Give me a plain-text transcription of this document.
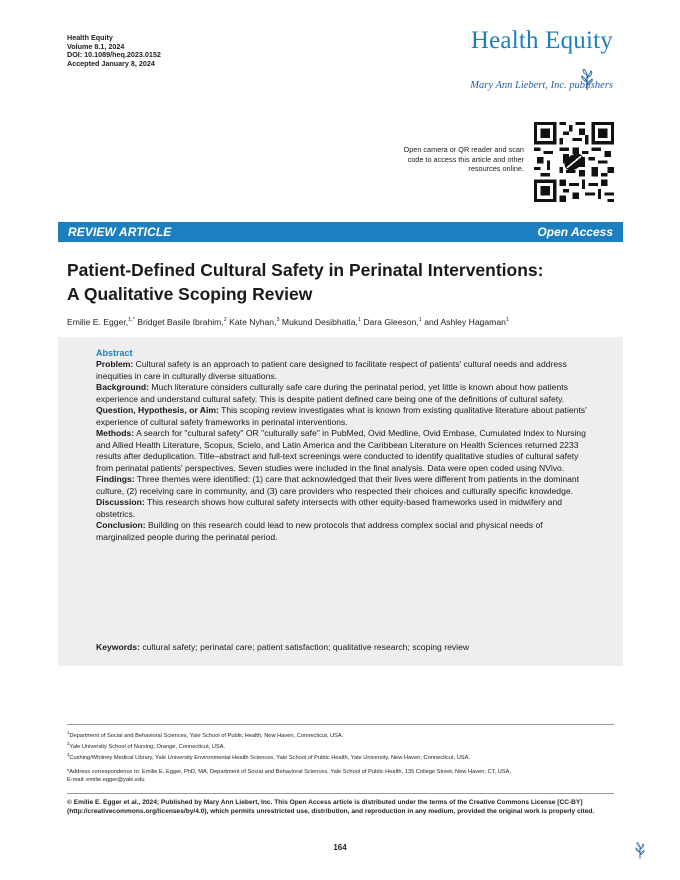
Health Equity
Volume 8.1, 2024
DOI: 10.1089/heq.2023.0152
Accepted January 8, 2024
Health Equity
Mary Ann Liebert, Inc. publishers
Open camera or QR reader and scan code to access this article and other resources online.
REVIEW ARTICLE	Open Access
Patient-Defined Cultural Safety in Perinatal Interventions:
A Qualitative Scoping Review
Emilie E. Egger,$^{1,*}$ Bridget Basile Ibrahim,$^2$ Kate Nyhan,$^3$ Mukund Desibhatla,$^1$ Dara Gleeson,$^1$ and Ashley Hagaman$^1$
Abstract

Problem: Cultural safety is an approach to patient care designed to facilitate respect of patients' cultural needs and address inequities in care in culturally diverse situations.

Background: Much literature considers culturally safe care during the perinatal period, yet little is known about how patients experience and understand cultural safety. This is despite patient defined care being one of the definitions of cultural safety.

Question, Hypothesis, or Aim: This scoping review investigates what is known from existing qualitative literature about patients' experience of cultural safety frameworks in perinatal interventions.

Methods: A search for "cultural safety" OR "culturally safe" in PubMed, Ovid Medline, Ovid Embase, Cumulated Index to Nursing and Allied Health Literature, Scopus, Scielo, and Latin America and the Caribbean Literature on Health Sciences returned 2233 results after deduplication. Title–abstract and full-text screenings were conducted to identify qualitative studies of cultural safety from perinatal patients' perspectives. Seven studies were included in the final analysis. Data were open coded using NVivo.

Findings: Three themes were identified: (1) care that acknowledged that their lives were different from patients in the dominant culture, (2) receiving care in community, and (3) care providers who respected their choices and culturally specific knowledge.

Discussion: This research shows how cultural safety intersects with other equity-based frameworks used in midwifery and obstetrics.

Conclusion: Building on this research could lead to new protocols that address complex social and physical needs of marginalized people during the perinatal period.

Keywords: cultural safety; perinatal care; patient satisfaction; qualitative research; scoping review
$^1$Department of Social and Behavioral Sciences, Yale School of Public Health, New Haven, Connecticut, USA.
$^2$Yale University School of Nursing, Orange, Connecticut, USA.
$^3$Cushing/Whitney Medical Library, Yale University Environmental Health Sciences, Yale School of Public Health, Yale University, New Haven, Connecticut, USA.
*Address correspondence to: Emilie E. Egger, PhD, MA, Department of Social and Behavioral Sciences, Yale School of Public Health, 135 College Street, New Haven, CT, USA,
E-mail: emilie.egger@yale.edu
© Emilie E. Egger et al., 2024; Published by Mary Ann Liebert, Inc. This Open Access article is distributed under the terms of the Creative Commons License [CC-BY] (http://creativecommons.org/licenses/by/4.0), which permits unrestricted use, distribution, and reproduction in any medium, provided the original work is properly cited.
164
